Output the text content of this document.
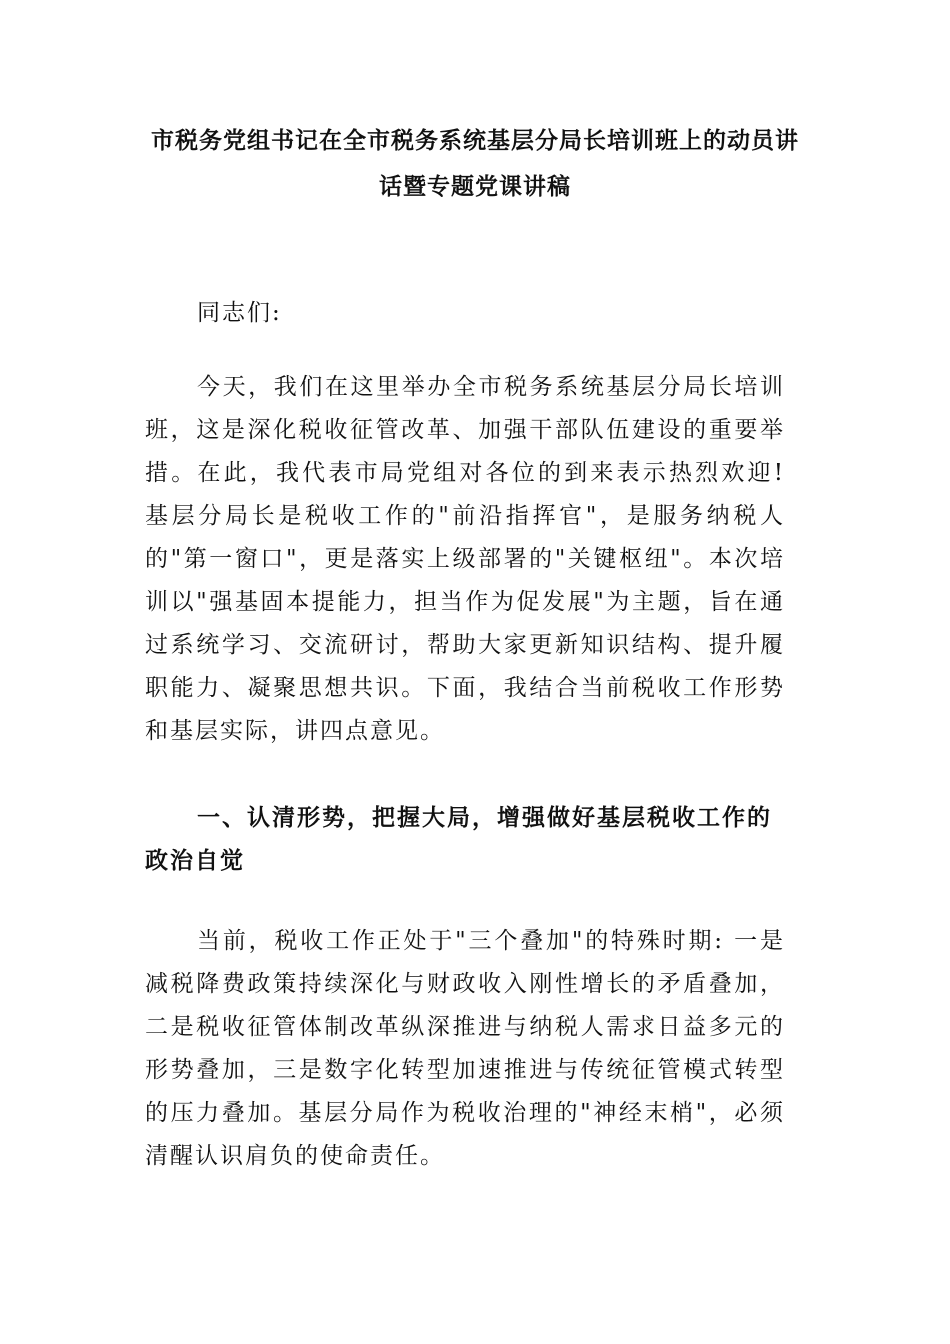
市税务党组书记在全市税务系统基层分局长培训班上的动员讲话暨专题党课讲稿
同志们:
今天，我们在这里举办全市税务系统基层分局长培训班，这是深化税收征管改革、加强干部队伍建设的重要举措。在此，我代表市局党组对各位的到来表示热烈欢迎! 基层分局长是税收工作的"前沿指挥官"，是服务纳税人的"第一窗口"，更是落实上级部署的"关键枢纽"。本次培训以"强基固本提能力，担当作为促发展"为主题，旨在通过系统学习、交流研讨，帮助大家更新知识结构、提升履职能力、凝聚思想共识。下面，我结合当前税收工作形势和基层实际，讲四点意见。
一、认清形势，把握大局，增强做好基层税收工作的政治自觉
当前，税收工作正处于"三个叠加"的特殊时期: 一是减税降费政策持续深化与财政收入刚性增长的矛盾叠加，二是税收征管体制改革纵深推进与纳税人需求日益多元的形势叠加，三是数字化转型加速推进与传统征管模式转型的压力叠加。基层分局作为税收治理的"神经末梢"，必须清醒认识肩负的使命责任。
